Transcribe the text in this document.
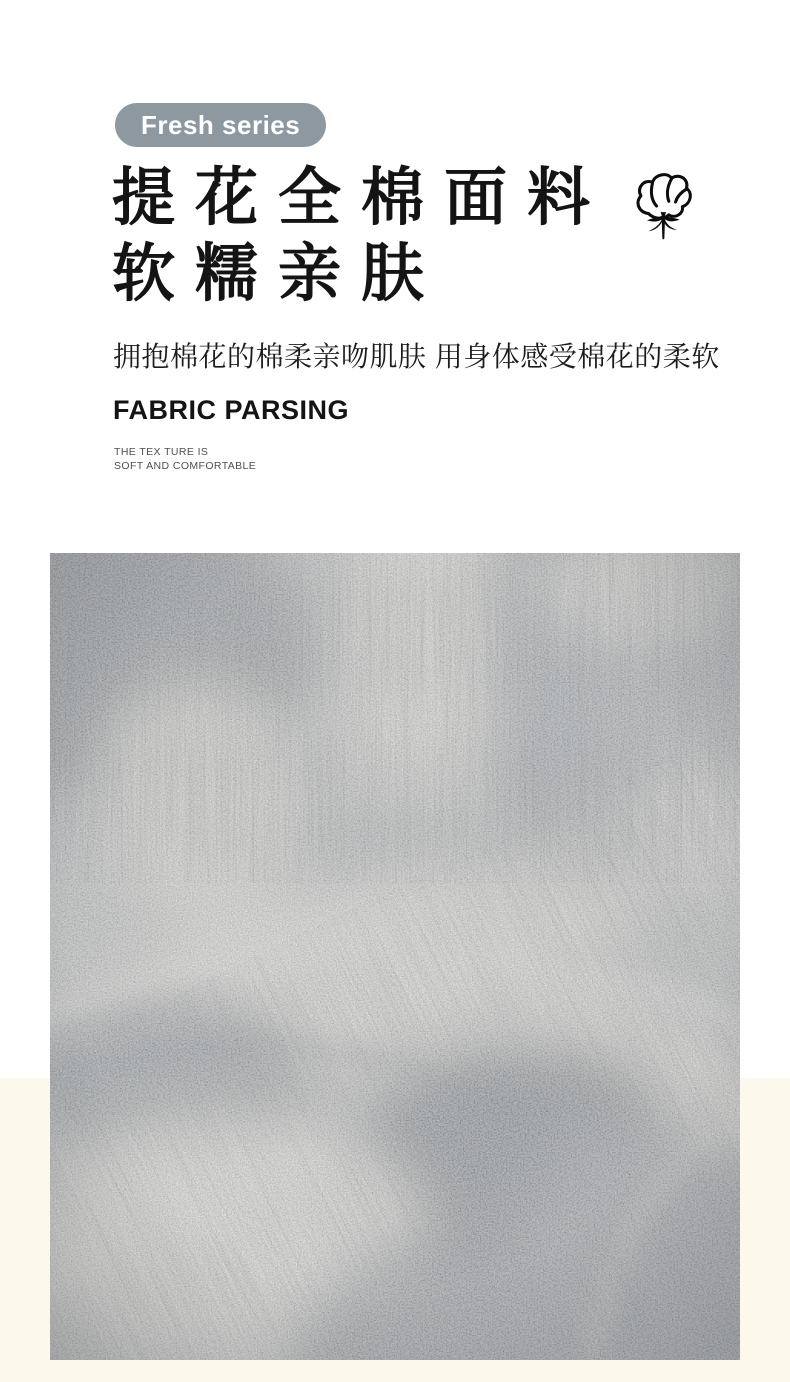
Fresh series
提花全棉面料
软糯亲肤

拥抱棉花的棉柔亲吻肌肤 用身体感受棉花的柔软

FABRIC PARSING

THE TEX TURE IS
SOFT AND COMFORTABLE
